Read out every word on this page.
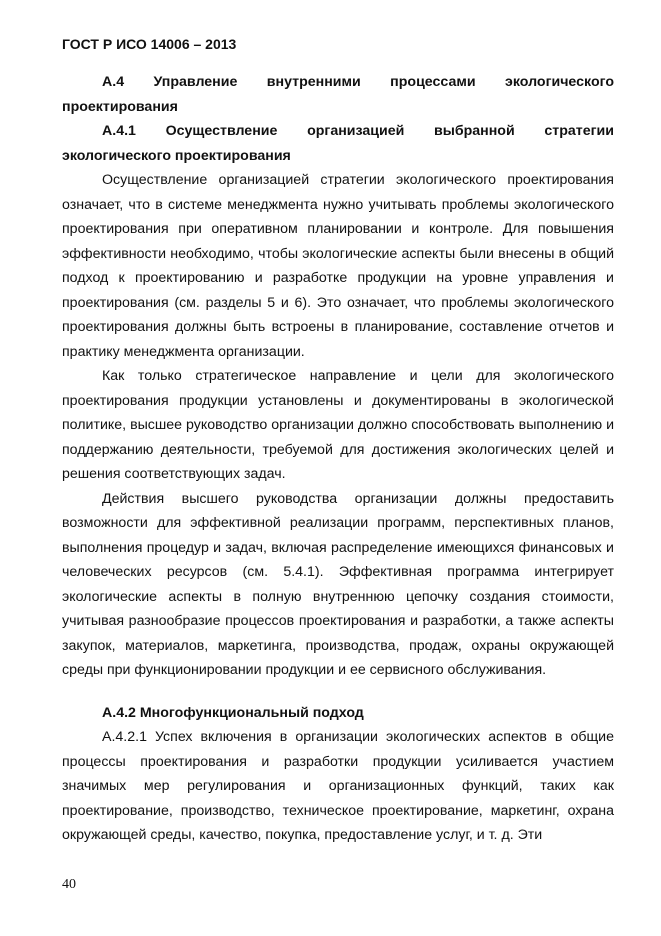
ГОСТ Р ИСО 14006 – 2013

А.4 Управление внутренними процессами экологического проектирования

А.4.1 Осуществление организацией выбранной стратегии экологического проектирования

Осуществление организацией стратегии экологического проектирования означает, что в системе менеджмента нужно учитывать проблемы экологического проектирования при оперативном планировании и контроле. Для повышения эффективности необходимо, чтобы экологические аспекты были внесены в общий подход к проектированию и разработке продукции на уровне управления и проектирования (см. разделы 5 и 6). Это означает, что проблемы экологического проектирования должны быть встроены в планирование, составление отчетов и практику менеджмента организации.

Как только стратегическое направление и цели для экологического проектирования продукции установлены и документированы в экологической политике, высшее руководство организации должно способствовать выполнению и поддержанию деятельности, требуемой для достижения экологических целей и решения соответствующих задач.

Действия высшего руководства организации должны предоставить возможности для эффективной реализации программ, перспективных планов, выполнения процедур и задач, включая распределение имеющихся финансовых и человеческих ресурсов (см. 5.4.1). Эффективная программа интегрирует экологические аспекты в полную внутреннюю цепочку создания стоимости, учитывая разнообразие процессов проектирования и разработки, а также аспекты закупок, материалов, маркетинга, производства, продаж, охраны окружающей среды при функционировании продукции и ее сервисного обслуживания.

А.4.2 Многофункциональный подход

А.4.2.1 Успех включения в организации экологических аспектов в общие процессы проектирования и разработки продукции усиливается участием значимых мер регулирования и организационных функций, таких как проектирование, производство, техническое проектирование, маркетинг, охрана окружающей среды, качество, покупка, предоставление услуг, и т. д. Эти

40
